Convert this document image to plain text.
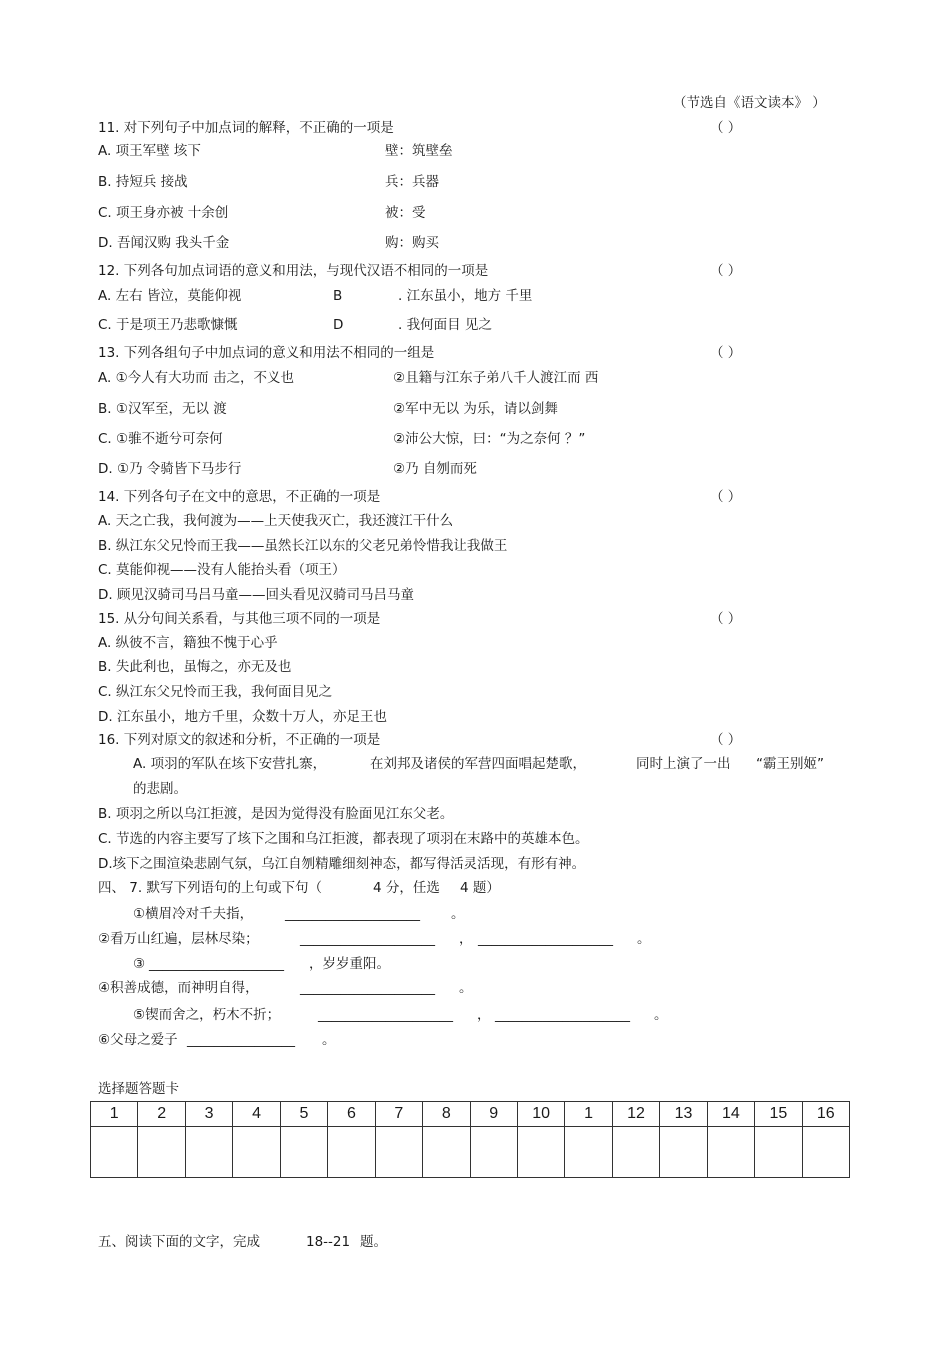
（节选自《语文读本》 ）
11. 对下列句子中加点词的解释，不正确的一项是	（ ）
A. 项王军壁 垓下	壁：筑壁垒
B. 持短兵 接战	兵：兵器
C. 项王身亦被 十余创	被：受
D. 吾闻汉购 我头千金	购：购买
12. 下列各句加点词语的意义和用法，与现代汉语不相同的一项是	（ ）
A. 左右 皆泣，莫能仰视	B	. 江东虽小，地方 千里
C. 于是项王乃悲歌慷慨	D	. 我何面目 见之
13. 下列各组句子中加点词的意义和用法不相同的一组是	（ ）
A. ①今人有大功而 击之，不义也	②且籍与江东子弟八千人渡江而 西
B. ①汉军至，无以 渡	②军中无以 为乐，请以剑舞
C. ①骓不逝兮可奈何	②沛公大惊，曰：“为之奈何 ？”
D. ①乃 令骑皆下马步行	②乃 自刎而死
14. 下列各句子在文中的意思，不正确的一项是	（ ）
A. 天之亡我，我何渡为——上天使我灭亡，我还渡江干什么
B. 纵江东父兄怜而王我——虽然长江以东的父老兄弟怜惜我让我做王
C. 莫能仰视——没有人能抬头看（项王）
D. 顾见汉骑司马吕马童——回头看见汉骑司马吕马童
15. 从分句间关系看，与其他三项不同的一项是	（ ）
A. 纵彼不言，籍独不愧于心乎
B. 失此利也，虽悔之，亦无及也
C. 纵江东父兄怜而王我，我何面目见之
D. 江东虽小，地方千里，众数十万人，亦足王也
16. 下列对原文的叙述和分析，不正确的一项是	（ ）
A. 项羽的军队在垓下安营扎寨，	在刘邦及诸侯的军营四面唱起楚歌，	同时上演了一出 “霸王别姬”
的悲剧。
B. 项羽之所以乌江拒渡，是因为觉得没有脸面见江东父老。
C. 节选的内容主要写了垓下之围和乌江拒渡，都表现了项羽在末路中的英雄本色。
D.垓下之围渲染悲剧气氛，乌江自刎精雕细刻神态，都写得活灵活现，有形有神。
四、 7. 默写下列语句的上句或下句（	4 分，任选 4 题）
①横眉冷对千夫指， ____________________ 。
②看万山红遍，层林尽染；	____________________ ， ____________________ 。
③ ____________________ ，岁岁重阳。
④积善成德，而神明自得，	____________________ 。
⑤锲而舍之，朽木不折；	____________________ ， ____________________ 。
⑥父母之爱子 ________________ 。
选择题答题卡
1	2	3	4	5	6	7	8	9	10	1	12	13	14	15	16

五、阅读下面的文字，完成	18--21 题。
